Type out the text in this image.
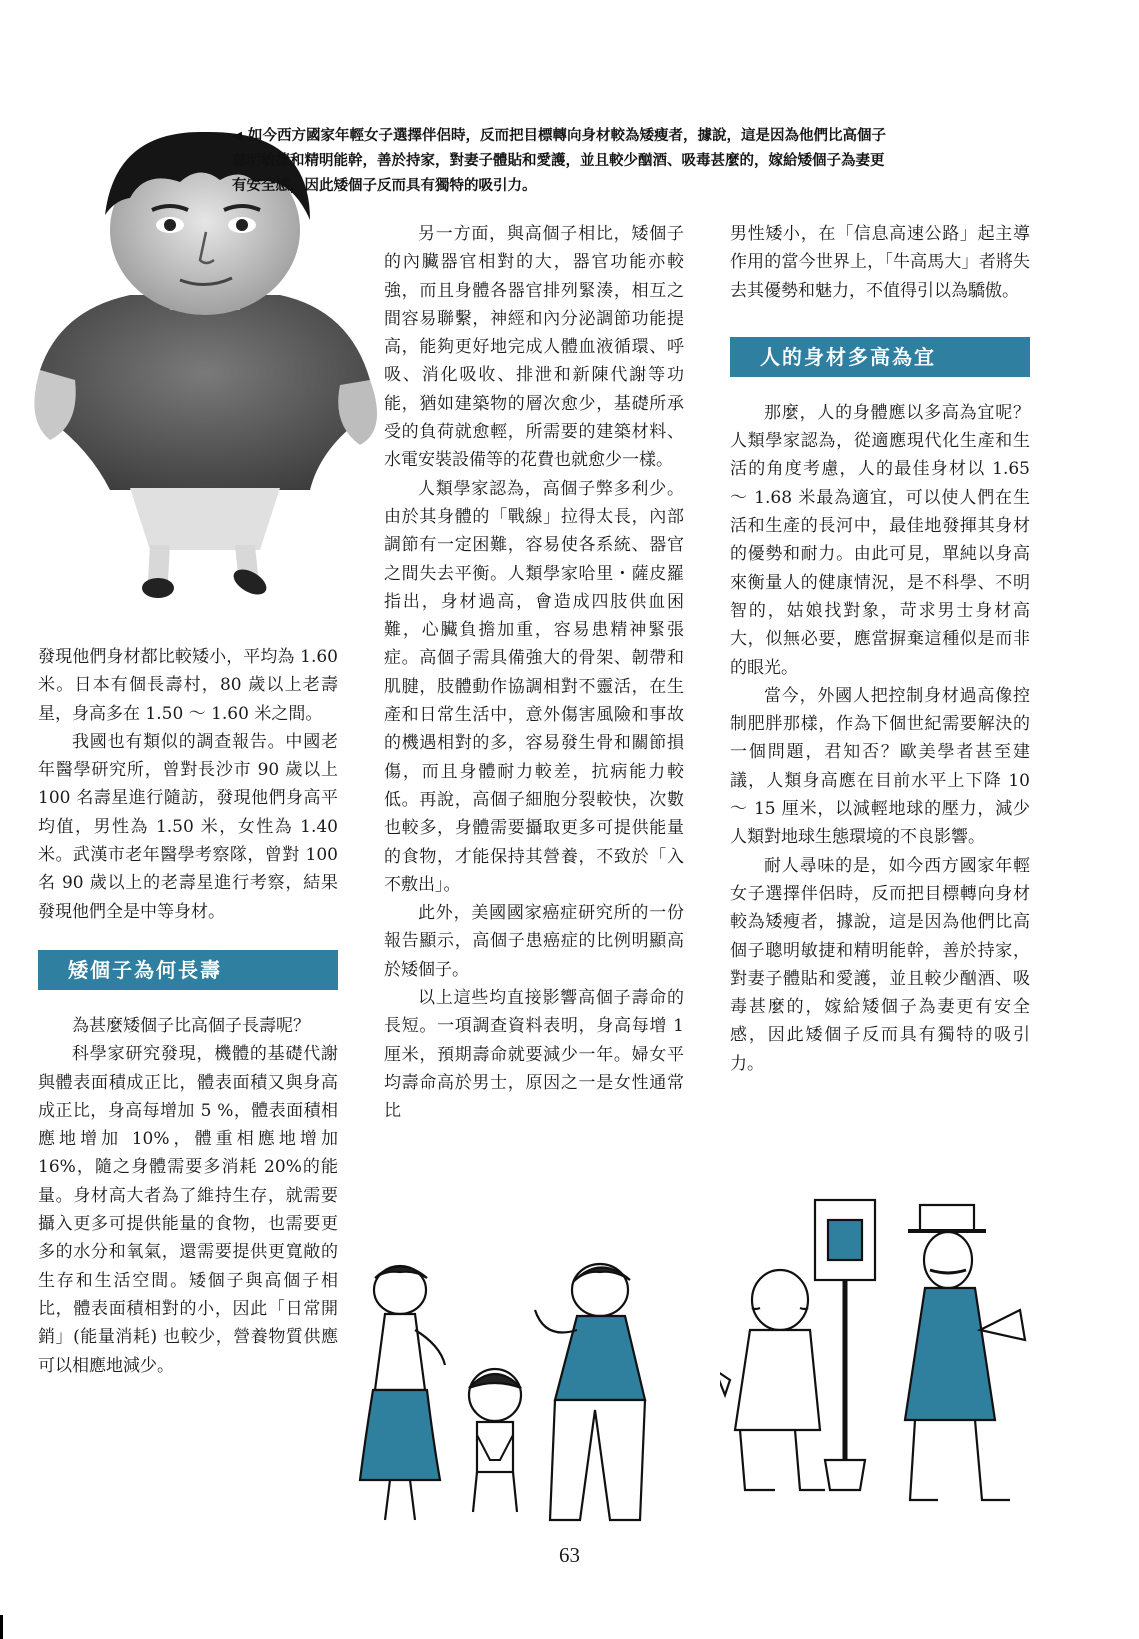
◀ 如今西方國家年輕女子選擇伴侶時，反而把目標轉向身材較為矮瘦者，據說，這是因為他們比高個子聰明敏捷和精明能幹，善於持家，對妻子體貼和愛護，並且較少酗酒、吸毒甚麼的，嫁給矮個子為妻更有安全感，因此矮個子反而具有獨特的吸引力。

發現他們身材都比較矮小，平均為 1.60 米。日本有個長壽村，80 歲以上老壽星，身高多在 1.50 ～ 1.60 米之間。

我國也有類似的調查報告。中國老年醫學研究所，曾對長沙市 90 歲以上 100 名壽星進行隨訪，發現他們身高平均值，男性為 1.50 米，女性為 1.40 米。武漢市老年醫學考察隊，曾對 100 名 90 歲以上的老壽星進行考察，結果發現他們全是中等身材。

矮個子為何長壽

為甚麼矮個子比高個子長壽呢？

科學家研究發現，機體的基礎代謝與體表面積成正比，體表面積又與身高成正比，身高每增加 5 %，體表面積相應地增加 10%，體重相應地增加 16%，隨之身體需要多消耗 20%的能量。身材高大者為了維持生存，就需要攝入更多可提供能量的食物，也需要更多的水分和氧氣，還需要提供更寬敞的生存和生活空間。矮個子與高個子相比，體表面積相對的小，因此「日常開銷」(能量消耗) 也較少，營養物質供應可以相應地減少。

另一方面，與高個子相比，矮個子的內臟器官相對的大，器官功能亦較強，而且身體各器官排列緊湊，相互之間容易聯繫，神經和內分泌調節功能提高，能夠更好地完成人體血液循環、呼吸、消化吸收、排泄和新陳代謝等功能，猶如建築物的層次愈少，基礎所承受的負荷就愈輕，所需要的建築材料、水電安裝設備等的花費也就愈少一樣。

人類學家認為，高個子弊多利少。由於其身體的「戰線」拉得太長，內部調節有一定困難，容易使各系統、器官之間失去平衡。人類學家哈里・薩皮羅指出，身材過高，會造成四肢供血困難，心臟負擔加重，容易患精神緊張症。高個子需具備強大的骨架、韌帶和肌腱，肢體動作協調相對不靈活，在生產和日常生活中，意外傷害風險和事故的機遇相對的多，容易發生骨和關節損傷，而且身體耐力較差，抗病能力較低。再說，高個子細胞分裂較快，次數也較多，身體需要攝取更多可提供能量的食物，才能保持其營養，不致於「入不敷出」。

此外，美國國家癌症研究所的一份報告顯示，高個子患癌症的比例明顯高於矮個子。

以上這些均直接影響高個子壽命的長短。一項調查資料表明，身高每增 1 厘米，預期壽命就要減少一年。婦女平均壽命高於男士，原因之一是女性通常比

男性矮小，在「信息高速公路」起主導作用的當今世界上，「牛高馬大」者將失去其優勢和魅力，不值得引以為驕傲。

人的身材多高為宜

那麼，人的身體應以多高為宜呢？人類學家認為，從適應現代化生產和生活的角度考慮，人的最佳身材以 1.65 ～ 1.68 米最為適宜，可以使人們在生活和生產的長河中，最佳地發揮其身材的優勢和耐力。由此可見，單純以身高來衡量人的健康情況，是不科學、不明智的，姑娘找對象，苛求男士身材高大，似無必要，應當摒棄這種似是而非的眼光。

當今，外國人把控制身材過高像控制肥胖那樣，作為下個世紀需要解決的一個問題，君知否？歐美學者甚至建議，人類身高應在目前水平上下降 10 ～ 15 厘米，以減輕地球的壓力，減少人類對地球生態環境的不良影響。

耐人尋味的是，如今西方國家年輕女子選擇伴侶時，反而把目標轉向身材較為矮瘦者，據說，這是因為他們比高個子聰明敏捷和精明能幹，善於持家，對妻子體貼和愛護，並且較少酗酒、吸毒甚麼的，嫁給矮個子為妻更有安全感，因此矮個子反而具有獨特的吸引力。

63
